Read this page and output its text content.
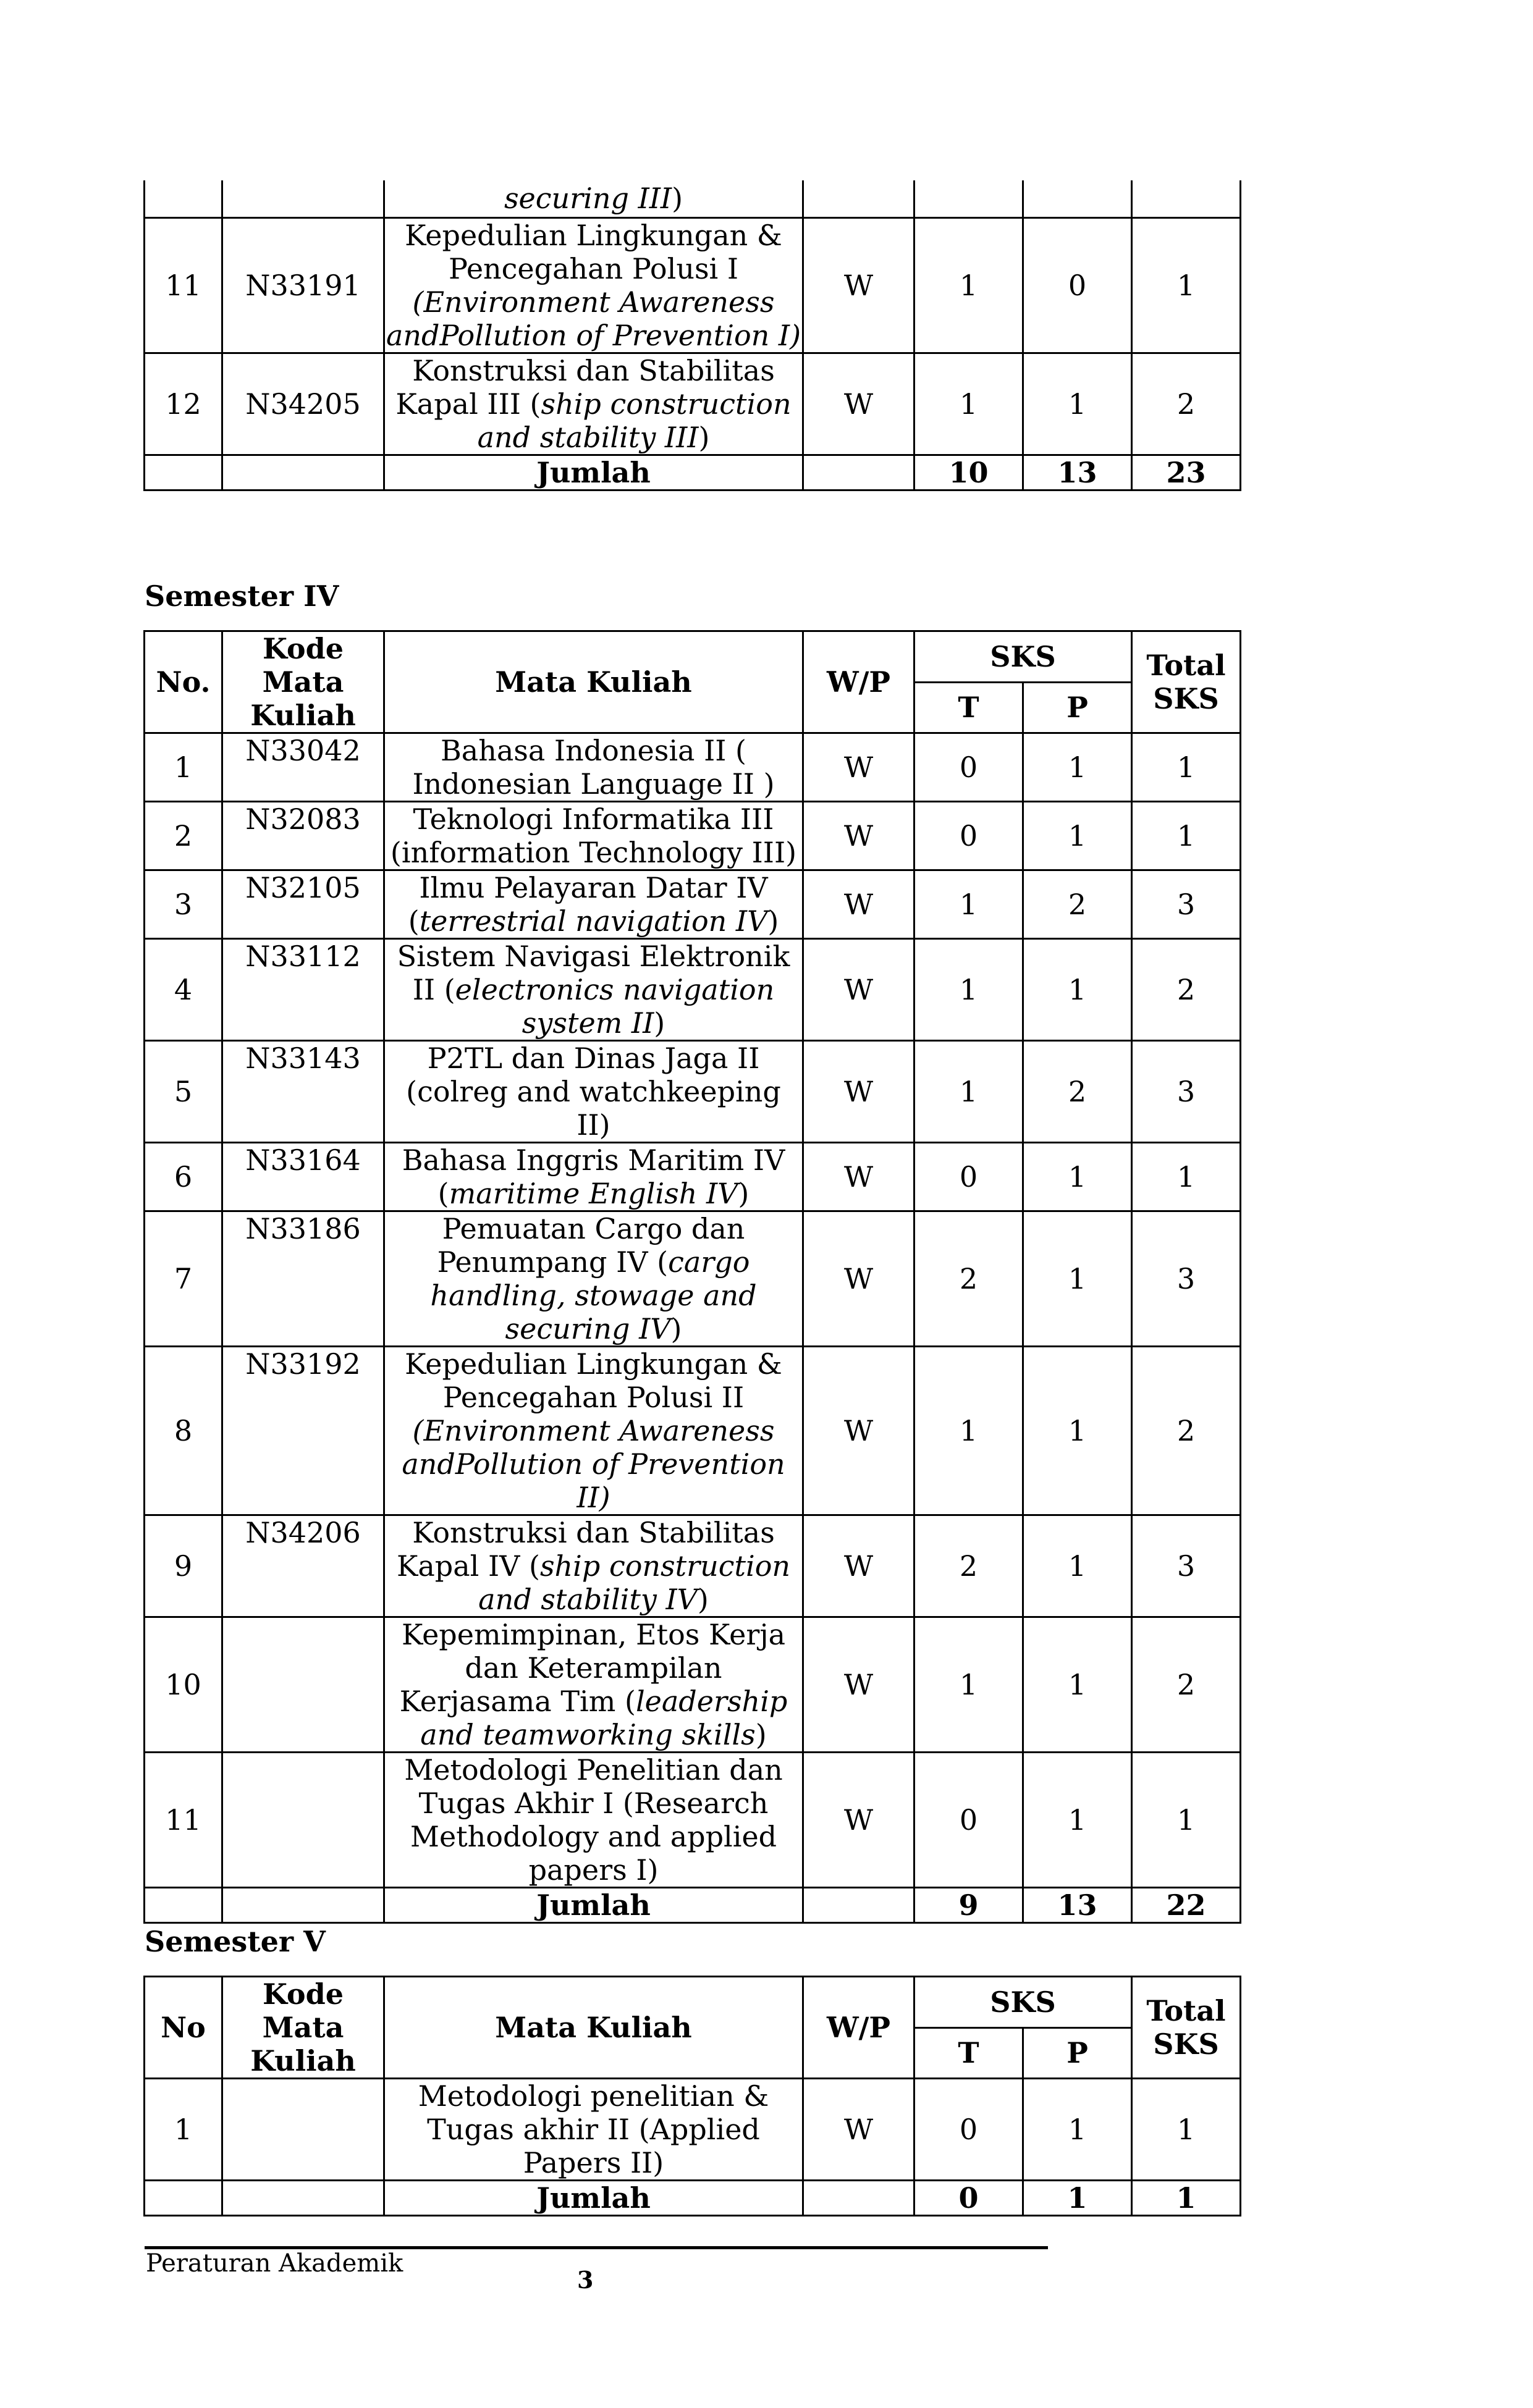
		securing III)				
11	N33191	Kepedulian Lingkungan & Pencegahan Polusi I (Environment Awareness andPollution of Prevention I)	W	1	0	1
12	N34205	Konstruksi dan Stabilitas Kapal III (ship construction and stability III)	W	1	1	2
		Jumlah		10	13	23
Semester IV
No.	Kode Mata Kuliah	Mata Kuliah	W/P	SKS		Total SKS
				T	P	
1	N33042	Bahasa Indonesia II ( Indonesian Language II )	W	0	1	1
2	N32083	Teknologi Informatika III (information Technology III)	W	0	1	1
3	N32105	Ilmu Pelayaran Datar IV (terrestrial navigation IV)	W	1	2	3
4	N33112	Sistem Navigasi Elektronik II (electronics navigation system II)	W	1	1	2
5	N33143	P2TL dan Dinas Jaga II (colreg and watchkeeping II)	W	1	2	3
6	N33164	Bahasa Inggris Maritim IV (maritime English IV)	W	0	1	1
7	N33186	Pemuatan Cargo dan Penumpang IV (cargo handling, stowage and securing IV)	W	2	1	3
8	N33192	Kepedulian Lingkungan & Pencegahan Polusi II (Environment Awareness andPollution of Prevention II)	W	1	1	2
9	N34206	Konstruksi dan Stabilitas Kapal IV (ship construction and stability IV)	W	2	1	3
10		Kepemimpinan, Etos Kerja dan Keterampilan Kerjasama Tim (leadership and teamworking skills)	W	1	1	2
11		Metodologi Penelitian dan Tugas Akhir I (Research Methodology and applied papers I)	W	0	1	1
		Jumlah		9	13	22
Semester V
No	Kode Mata Kuliah	Mata Kuliah	W/P	SKS		Total SKS
				T	P	
1		Metodologi penelitian & Tugas akhir II (Applied Papers II)	W	0	1	1
		Jumlah		0	1	1
Peraturan Akademik
3
